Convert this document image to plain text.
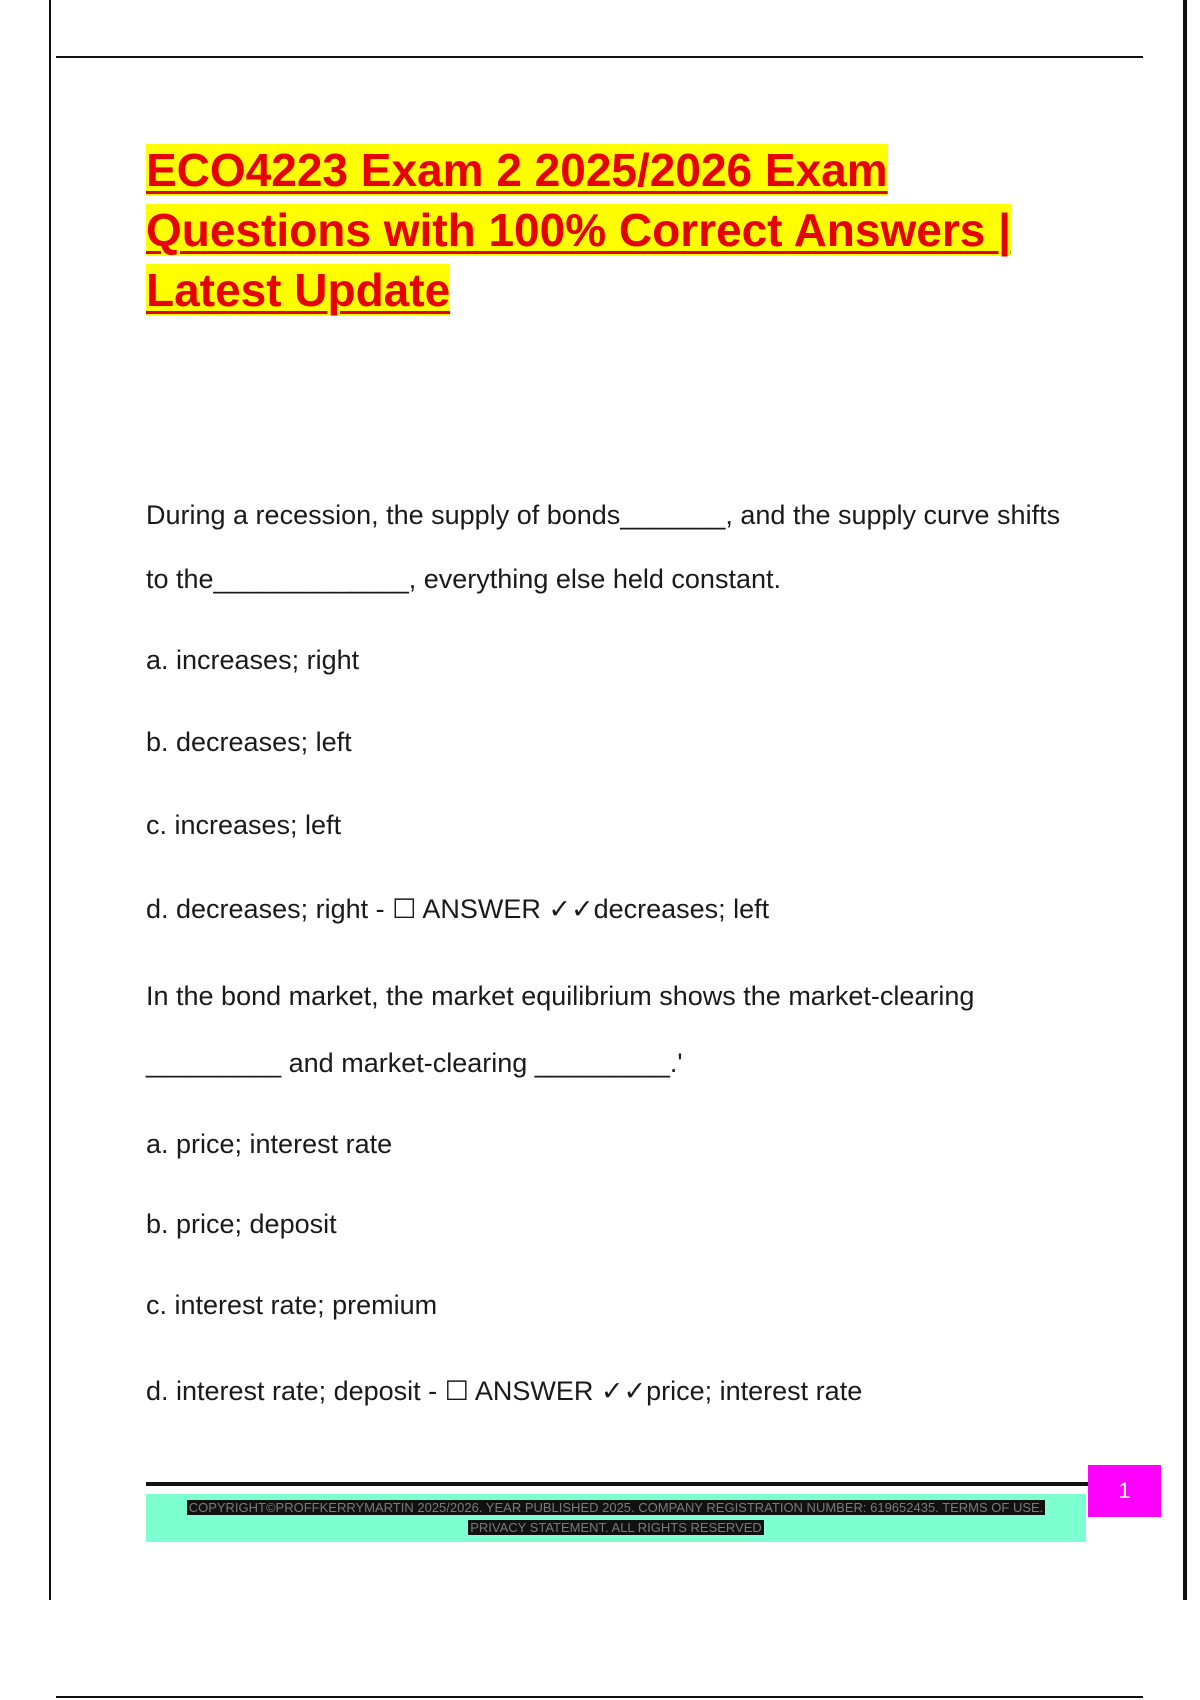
ECO4223 Exam 2 2025/2026 Exam
Questions with 100% Correct Answers |
Latest Update
During a recession, the supply of bonds_______, and the supply curve shifts
to the_____________, everything else held constant.
a. increases; right
b. decreases; left
c. increases; left
d. decreases; right - ☐ ANSWER ✓✓decreases; left
In the bond market, the market equilibrium shows the market-clearing
_________ and market-clearing _________.'
a. price; interest rate
b. price; deposit
c. interest rate; premium
d. interest rate; deposit - ☐ ANSWER ✓✓price; interest rate
COPYRIGHT©PROFFKERRYMARTIN 2025/2026. YEAR PUBLISHED 2025. COMPANY REGISTRATION NUMBER: 619652435. TERMS OF USE.
PRIVACY STATEMENT. ALL RIGHTS RESERVED
1
